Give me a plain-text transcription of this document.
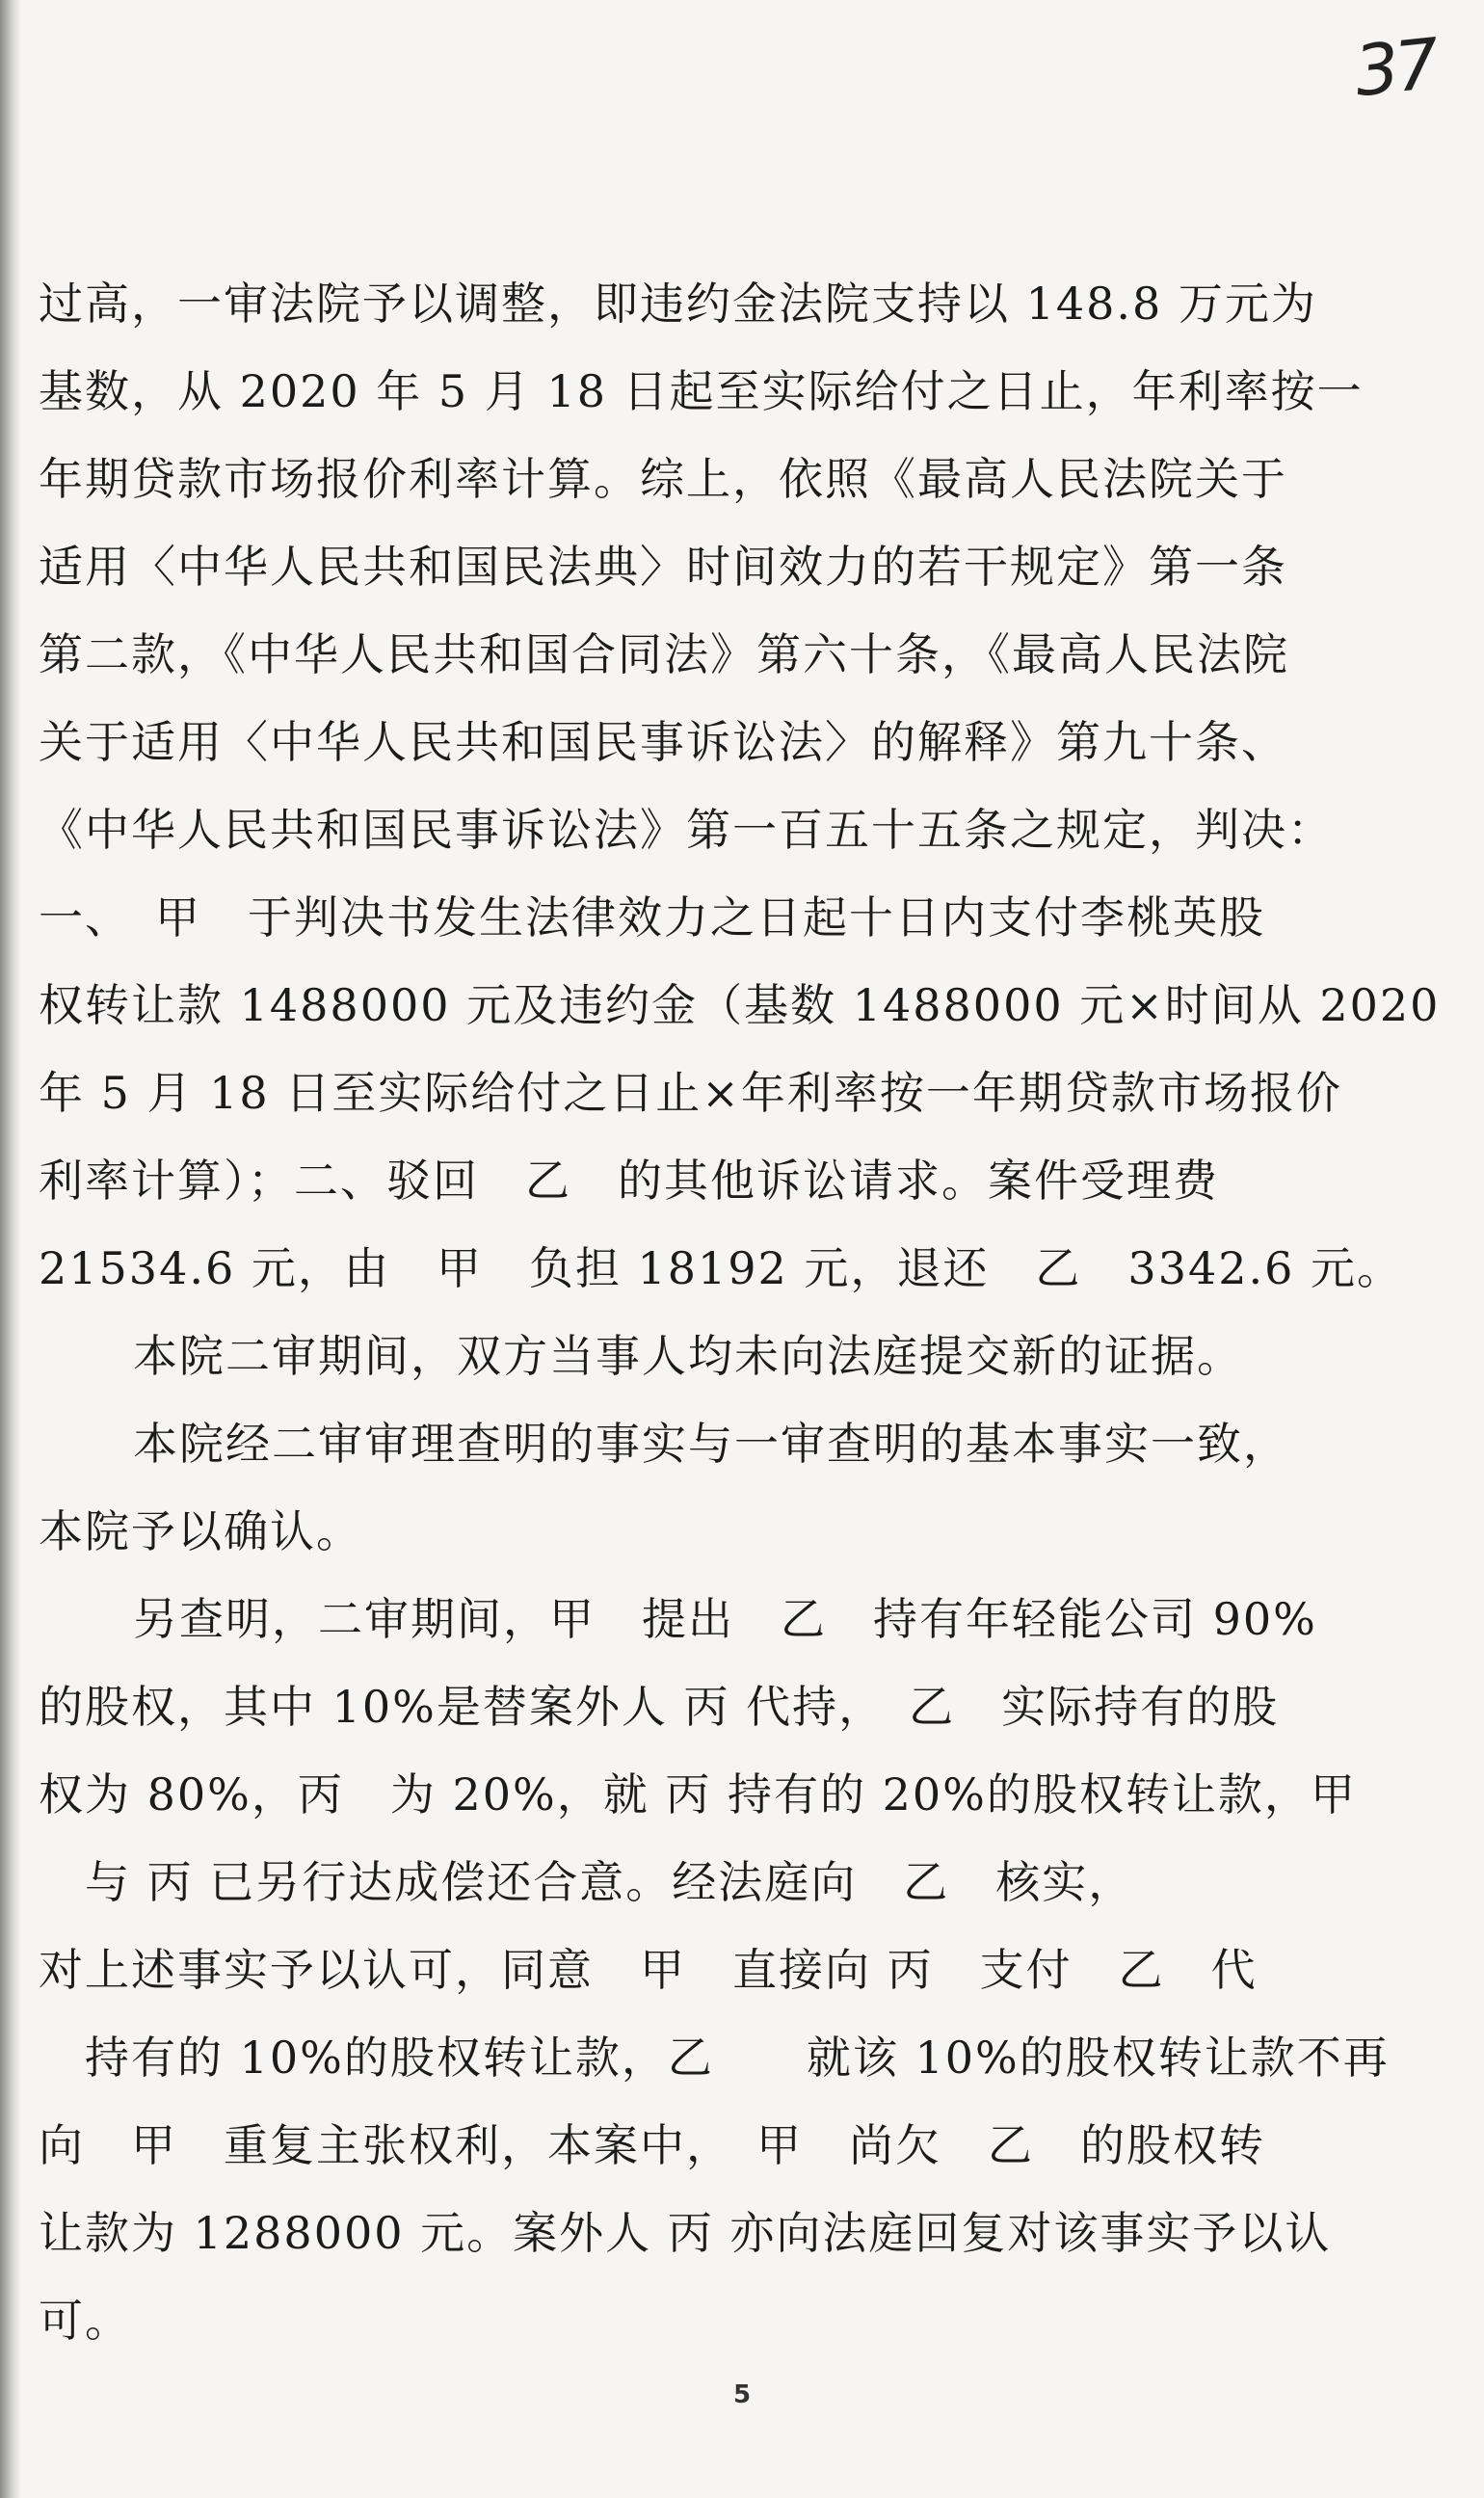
37
过高，一审法院予以调整，即违约金法院支持以 148.8 万元为
基数，从 2020 年 5 月 18 日起至实际给付之日止，年利率按一
年期贷款市场报价利率计算。综上，依照《最高人民法院关于
适用〈中华人民共和国民法典〉时间效力的若干规定》第一条
第二款，《中华人民共和国合同法》第六十条，《最高人民法院
关于适用〈中华人民共和国民事诉讼法〉的解释》第九十条、
《中华人民共和国民事诉讼法》第一百五十五条之规定，判决：
一、　甲　于判决书发生法律效力之日起十日内支付李桃英股
权转让款 1488000 元及违约金（基数 1488000 元×时间从 2020
年 5 月 18 日至实际给付之日止×年利率按一年期贷款市场报价
利率计算）；二、驳回　乙　的其他诉讼请求。案件受理费
21534.6 元，由　甲　负担 18192 元，退还　乙　3342.6 元。
本院二审期间，双方当事人均未向法庭提交新的证据。
本院经二审审理查明的事实与一审查明的基本事实一致，
本院予以确认。
另查明，二审期间，甲　提出　乙　持有年轻能公司 90%
的股权，其中 10%是替案外人 丙 代持，　乙　实际持有的股
权为 80%，丙　为 20%，就 丙 持有的 20%的股权转让款，甲
　与 丙 已另行达成偿还合意。经法庭向　乙　核实，
对上述事实予以认可，同意　甲　直接向 丙　支付　乙　代
　持有的 10%的股权转让款，乙　　就该 10%的股权转让款不再
向　甲　重复主张权利，本案中，　甲　尚欠　乙　的股权转
让款为 1288000 元。案外人 丙 亦向法庭回复对该事实予以认
可。
5
